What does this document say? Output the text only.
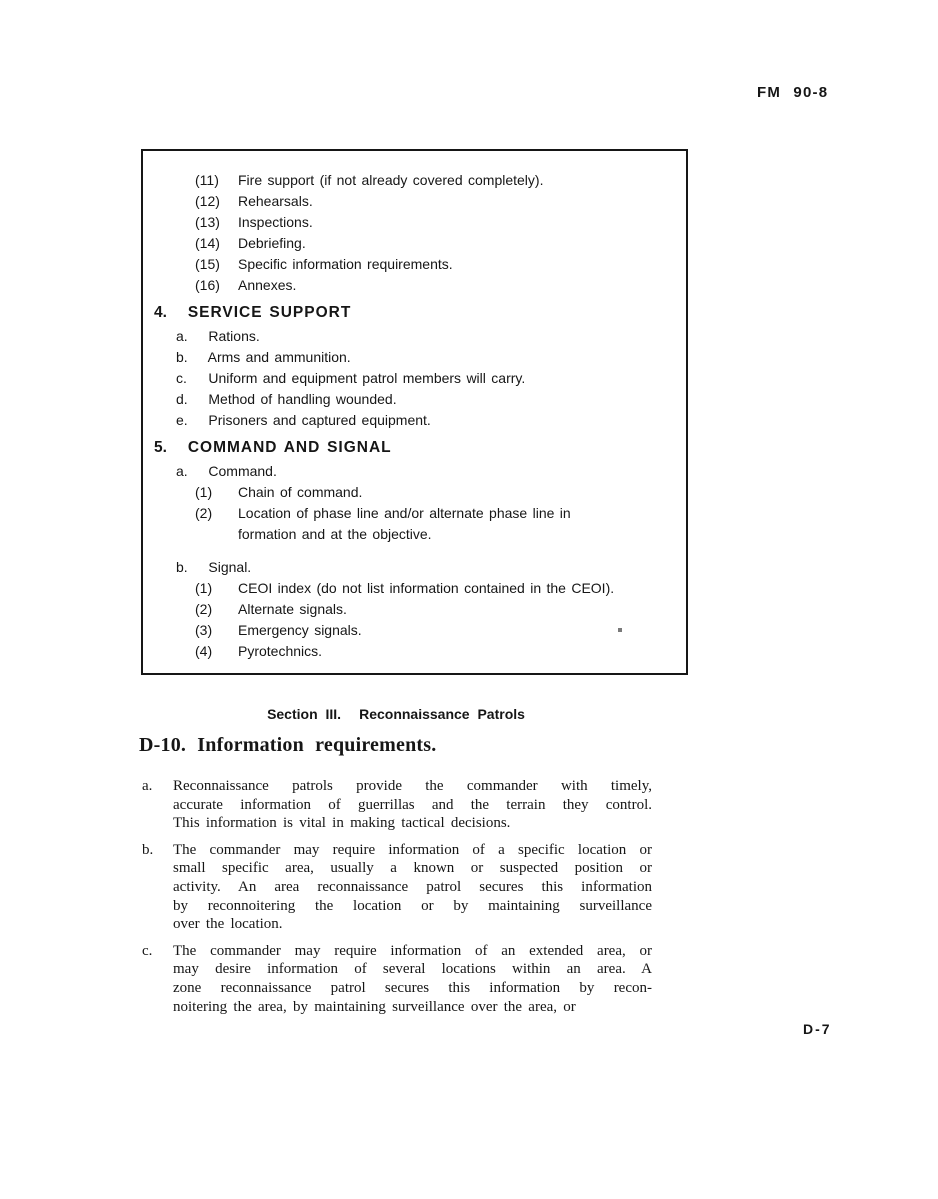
FM 90-8
(11)	Fire support (if not already covered completely).
(12)	Rehearsals.
(13)	Inspections.
(14)	Debriefing.
(15)	Specific information requirements.
(16)	Annexes.
4. SERVICE SUPPORT
a. Rations.
b. Arms and ammunition.
c. Uniform and equipment patrol members will carry.
d. Method of handling wounded.
e. Prisoners and captured equipment.
5. COMMAND AND SIGNAL
a. Command.
(1)	Chain of command.
(2)	Location of phase line and/or alternate phase line in
formation and at the objective.
b. Signal.
(1)	CEOI index (do not list information contained in the CEOI).
(2)	Alternate signals.
(3)	Emergency signals.
(4)	Pyrotechnics.
Section III. Reconnaissance Patrols
D-10. Information requirements.
a. Reconnaissance patrols provide the commander with timely,
accurate information of guerrillas and the terrain they control.
This information is vital in making tactical decisions.
b. The commander may require information of a specific location or
small specific area, usually a known or suspected position or
activity. An area reconnaissance patrol secures this information
by reconnoitering the location or by maintaining surveillance
over the location.
c. The commander may require information of an extended area, or
may desire information of several locations within an area. A
zone reconnaissance patrol secures this information by recon-
noitering the area, by maintaining surveillance over the area, or
D-7
